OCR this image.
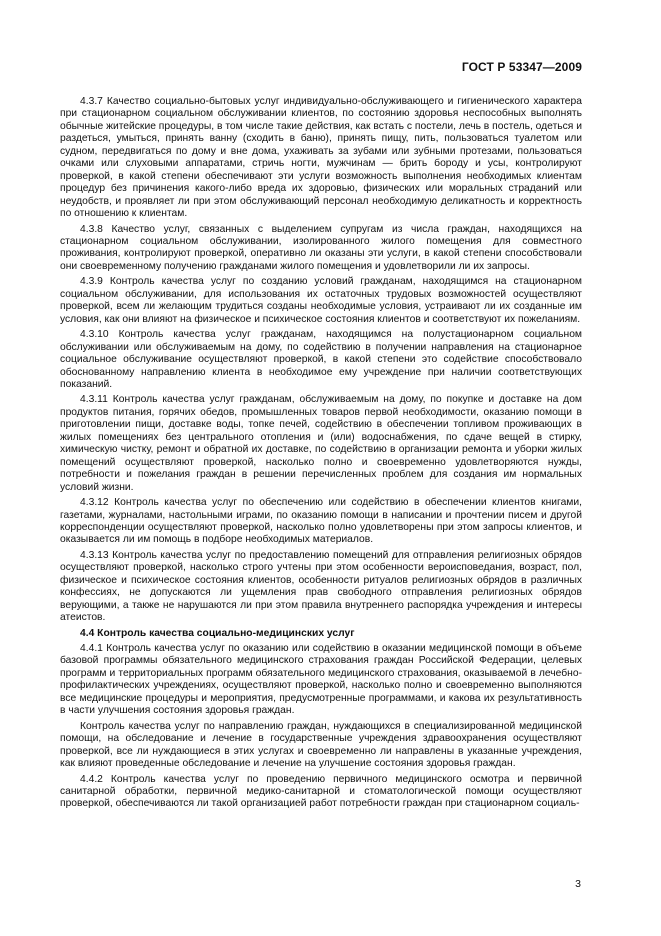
ГОСТ Р 53347—2009

4.3.7 Качество социально-бытовых услуг индивидуально-обслуживающего и гигиенического характера при стационарном социальном обслуживании клиентов, по состоянию здоровья неспособных выполнять обычные житейские процедуры, в том числе такие действия, как встать с постели, лечь в постель, одеться и раздеться, умыться, принять ванну (сходить в баню), принять пищу, пить, пользоваться туалетом или судном, передвигаться по дому и вне дома, ухаживать за зубами или зубными протезами, пользоваться очками или слуховыми аппаратами, стричь ногти, мужчинам — брить бороду и усы, контролируют проверкой, в какой степени обеспечивают эти услуги возможность выполнения необходимых клиентам процедур без причинения какого-либо вреда их здоровью, физических или моральных страданий или неудобств, и проявляет ли при этом обслуживающий персонал необходимую деликатность и корректность по отношению к клиентам.

4.3.8 Качество услуг, связанных с выделением супругам из числа граждан, находящихся на стационарном социальном обслуживании, изолированного жилого помещения для совместного проживания, контролируют проверкой, оперативно ли оказаны эти услуги, в какой степени способствовали они своевременному получению гражданами жилого помещения и удовлетворили ли их запросы.

4.3.9 Контроль качества услуг по созданию условий гражданам, находящимся на стационарном социальном обслуживании, для использования их остаточных трудовых возможностей осуществляют проверкой, всем ли желающим трудиться созданы необходимые условия, устраивают ли их созданные им условия, как они влияют на физическое и психическое состояния клиентов и соответствуют их пожеланиям.

4.3.10 Контроль качества услуг гражданам, находящимся на полустационарном социальном обслуживании или обслуживаемым на дому, по содействию в получении направления на стационарное социальное обслуживание осуществляют проверкой, в какой степени это содействие способствовало обоснованному направлению клиента в необходимое ему учреждение при наличии соответствующих показаний.

4.3.11 Контроль качества услуг гражданам, обслуживаемым на дому, по покупке и доставке на дом продуктов питания, горячих обедов, промышленных товаров первой необходимости, оказанию помощи в приготовлении пищи, доставке воды, топке печей, содействию в обеспечении топливом проживающих в жилых помещениях без центрального отопления и (или) водоснабжения, по сдаче вещей в стирку, химическую чистку, ремонт и обратной их доставке, по содействию в организации ремонта и уборки жилых помещений осуществляют проверкой, насколько полно и своевременно удовлетворяются нужды, потребности и пожелания граждан в решении перечисленных проблем для создания им нормальных условий жизни.

4.3.12 Контроль качества услуг по обеспечению или содействию в обеспечении клиентов книгами, газетами, журналами, настольными играми, по оказанию помощи в написании и прочтении писем и другой корреспонденции осуществляют проверкой, насколько полно удовлетворены при этом запросы клиентов, и оказывается ли им помощь в подборе необходимых материалов.

4.3.13 Контроль качества услуг по предоставлению помещений для отправления религиозных обрядов осуществляют проверкой, насколько строго учтены при этом особенности вероисповедания, возраст, пол, физическое и психическое состояния клиентов, особенности ритуалов религиозных обрядов в различных конфессиях, не допускаются ли ущемления прав свободного отправления религиозных обрядов верующими, а также не нарушаются ли при этом правила внутреннего распорядка учреждения и интересы атеистов.

4.4 Контроль качества социально-медицинских услуг

4.4.1 Контроль качества услуг по оказанию или содействию в оказании медицинской помощи в объеме базовой программы обязательного медицинского страхования граждан Российской Федерации, целевых программ и территориальных программ обязательного медицинского страхования, оказываемой в лечебно-профилактических учреждениях, осуществляют проверкой, насколько полно и своевременно выполняются все медицинские процедуры и мероприятия, предусмотренные программами, и какова их результативность в части улучшения состояния здоровья граждан.

Контроль качества услуг по направлению граждан, нуждающихся в специализированной медицинской помощи, на обследование и лечение в государственные учреждения здравоохранения осуществляют проверкой, все ли нуждающиеся в этих услугах и своевременно ли направлены в указанные учреждения, как влияют проведенные обследование и лечение на улучшение состояния здоровья граждан.

4.4.2 Контроль качества услуг по проведению первичного медицинского осмотра и первичной санитарной обработки, первичной медико-санитарной и стоматологической помощи осуществляют проверкой, обеспечиваются ли такой организацией работ потребности граждан при стационарном социаль-

3
